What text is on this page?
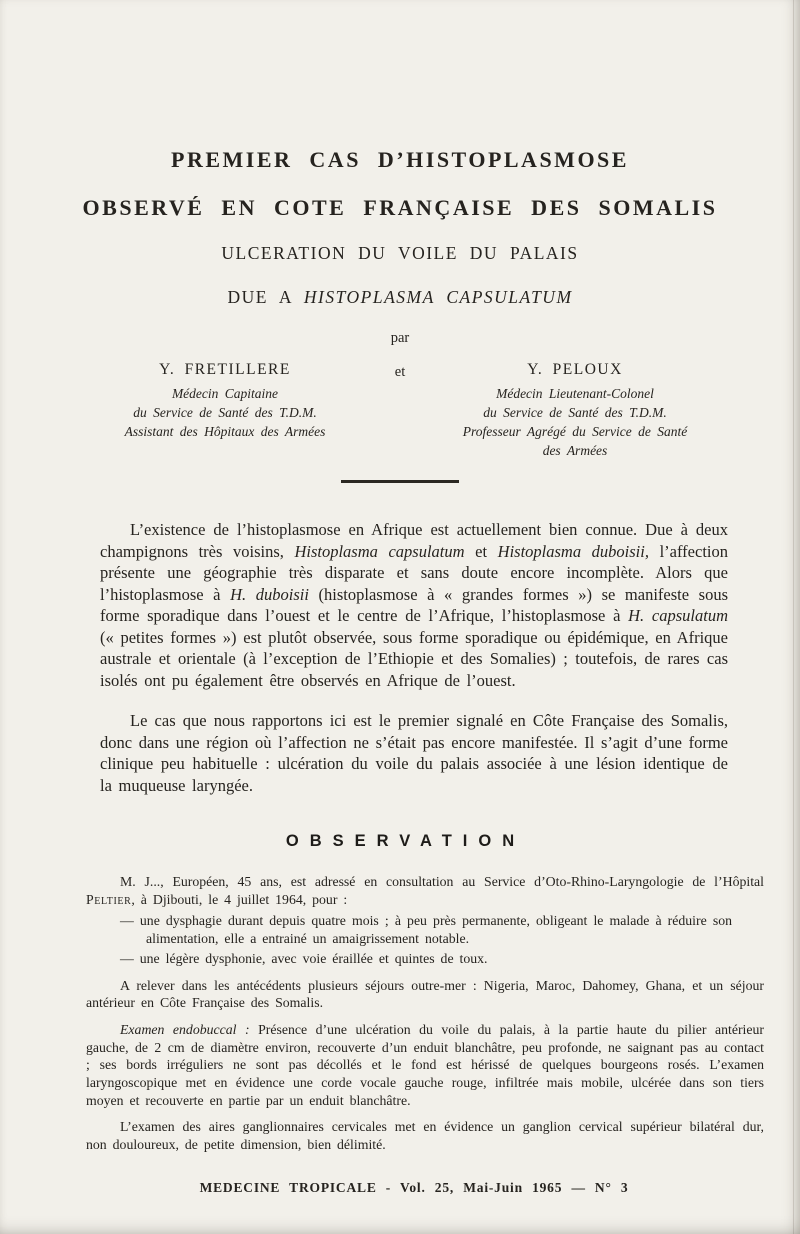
PREMIER CAS D’HISTOPLASMOSE
OBSERVÉ EN COTE FRANÇAISE DES SOMALIS
ULCERATION DU VOILE DU PALAIS
DUE A HISTOPLASMA CAPSULATUM
par
Y. FRETILLERE
Médecin Capitaine
du Service de Santé des T.D.M.
Assistant des Hôpitaux des Armées
et	Y. PELOUX
Médecin Lieutenant-Colonel
du Service de Santé des T.D.M.
Professeur Agrégé du Service de Santé
des Armées

L’existence de l’histoplasmose en Afrique est actuellement bien connue. Due à deux champignons très voisins, Histoplasma capsulatum et Histoplasma duboisii, l’affection présente une géographie très disparate et sans doute encore incomplète. Alors que l’histoplasmose à H. duboisii (histoplasmose à « grandes formes ») se manifeste sous forme sporadique dans l’ouest et le centre de l’Afrique, l’histoplasmose à H. capsulatum (« petites formes ») est plutôt observée, sous forme sporadique ou épidémique, en Afrique australe et orientale (à l’exception de l’Ethiopie et des Somalies) ; toutefois, de rares cas isolés ont pu également être observés en Afrique de l’ouest.

Le cas que nous rapportons ici est le premier signalé en Côte Française des Somalis, donc dans une région où l’affection ne s’était pas encore manifestée. Il s’agit d’une forme clinique peu habituelle : ulcération du voile du palais associée à une lésion identique de la muqueuse laryngée.

OBSERVATION

M. J..., Européen, 45 ans, est adressé en consultation au Service d’Oto-Rhino-Laryngologie de l’Hôpital Peltier, à Djibouti, le 4 juillet 1964, pour :

— une dysphagie durant depuis quatre mois ; à peu près permanente, obligeant le malade à réduire son alimentation, elle a entrainé un amaigrissement notable.

— une légère dysphonie, avec voie éraillée et quintes de toux.

A relever dans les antécédents plusieurs séjours outre-mer : Nigeria, Maroc, Dahomey, Ghana, et un séjour antérieur en Côte Française des Somalis.

Examen endobuccal : Présence d’une ulcération du voile du palais, à la partie haute du pilier antérieur gauche, de 2 cm de diamètre environ, recouverte d’un enduit blanchâtre, peu profonde, ne saignant pas au contact ; ses bords irréguliers ne sont pas décollés et le fond est hérissé de quelques bourgeons rosés. L’examen laryngoscopique met en évidence une corde vocale gauche rouge, infiltrée mais mobile, ulcérée dans son tiers moyen et recouverte en partie par un enduit blanchâtre.

L’examen des aires ganglionnaires cervicales met en évidence un ganglion cervical supérieur bilatéral dur, non douloureux, de petite dimension, bien délimité.

MEDECINE TROPICALE - Vol. 25, Mai-Juin 1965 — N° 3
